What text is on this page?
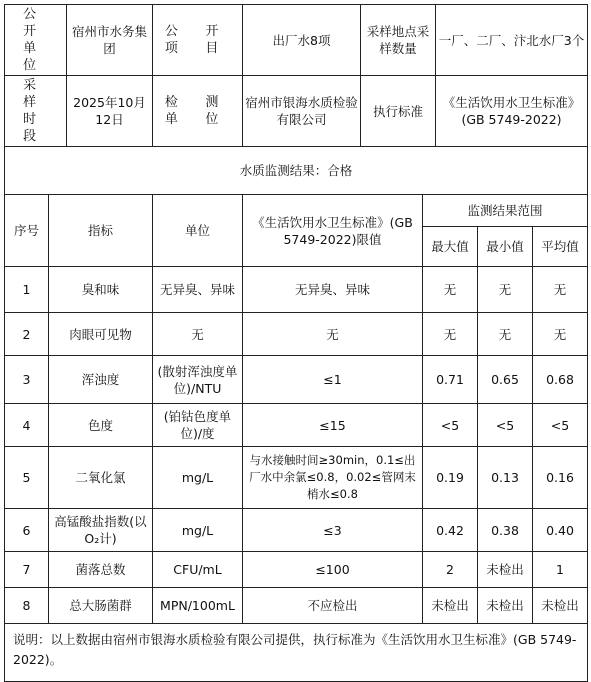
公 开 单 位	宿州市水务集团	公 开 项 目	出厂水8项	采样地点采样数量	一厂、二厂、汴北水厂3个
采 样 时 段	2025年10月12日	检 测 单 位	宿州市银海水质检验有限公司	执行标准	《生活饮用水卫生标准》(GB 5749-2022)
水质监测结果：合格						
序号	指标	单位	《生活饮用水卫生标准》(GB 5749-2022)限值	监测结果范围		
				最大值	最小值	平均值
1	臭和味	无异臭、异味	无异臭、异味	无	无	无
2	肉眼可见物	无	无	无	无	无
3	浑浊度	(散射浑浊度单位)/NTU	≤1	0.71	0.65	0.68
4	色度	(铂钴色度单位)/度	≤15	<5	<5	<5
5	二氧化氯	mg/L	与水接触时间≥30min，0.1≤出厂水中余氯≤0.8，0.02≤管网末梢水≤0.8	0.19	0.13	0.16
6	高锰酸盐指数(以O₂计)	mg/L	≤3	0.42	0.38	0.40
7	菌落总数	CFU/mL	≤100	2	未检出	1
8	总大肠菌群	MPN/100mL	不应检出	未检出	未检出	未检出
说明：以上数据由宿州市银海水质检验有限公司提供，执行标准为《生活饮用水卫生标准》(GB 5749-2022)。						
